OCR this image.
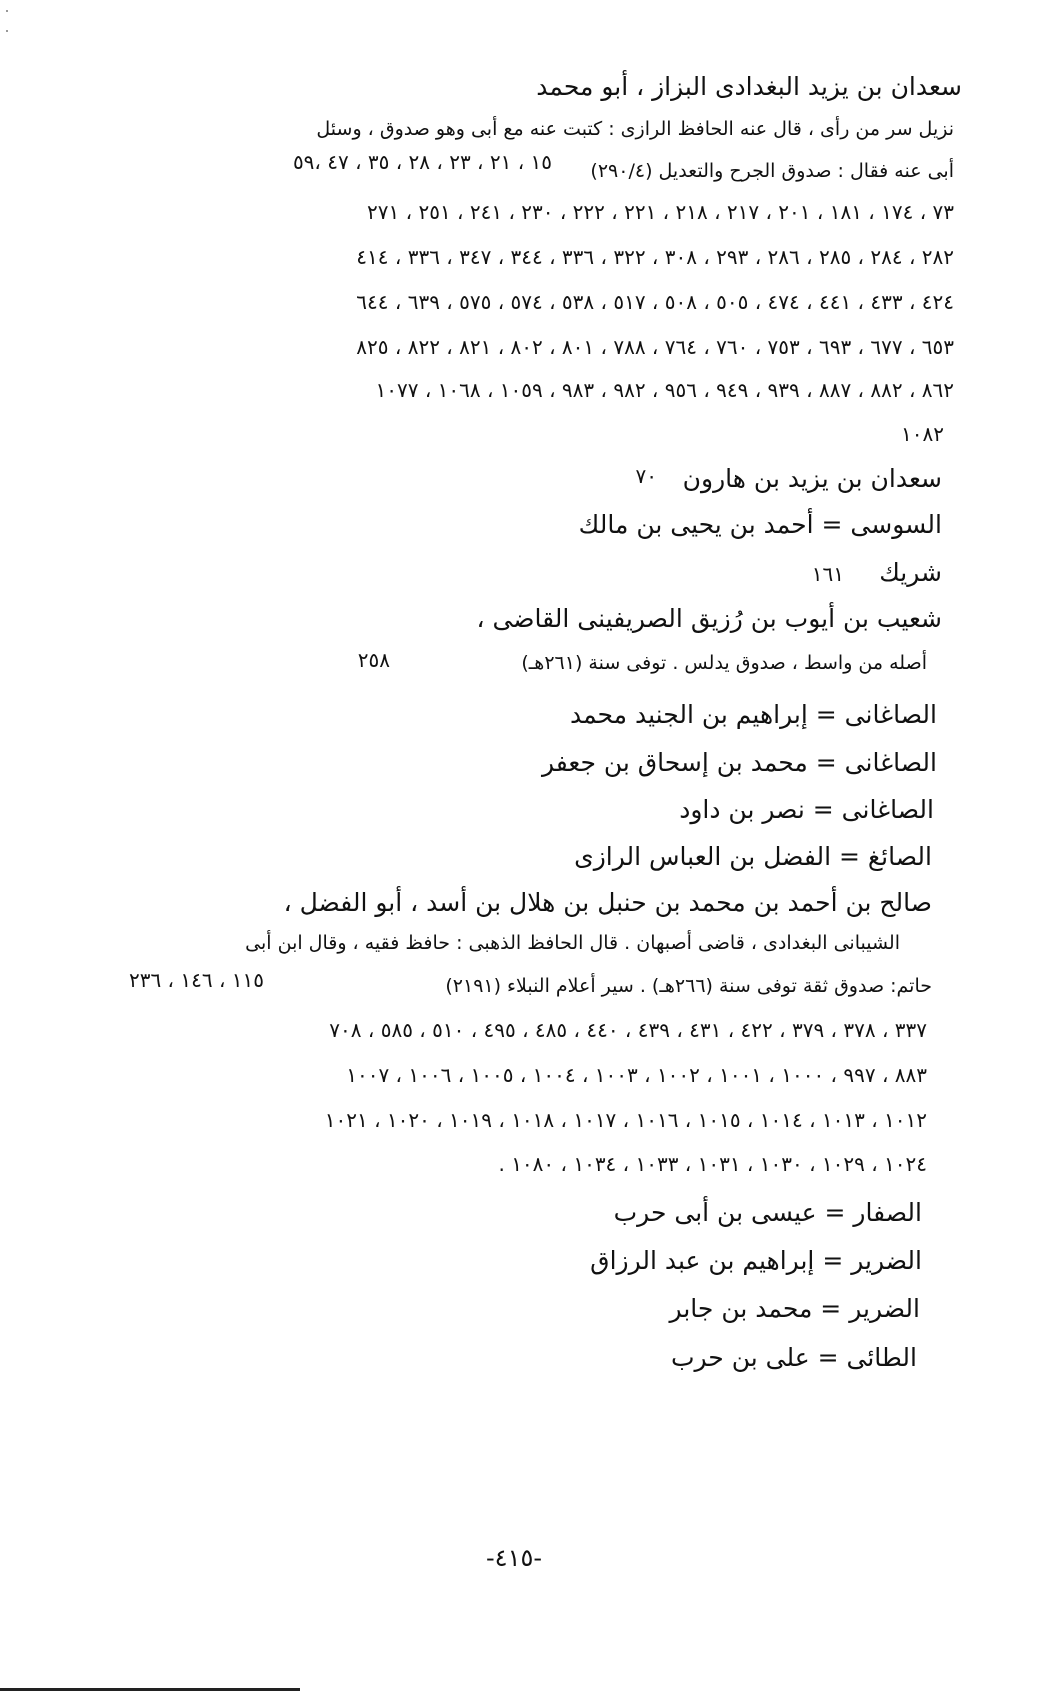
سعدان بن يزيد البغدادى البزاز ، أبو محمد
نزيل سر من رأى ، قال عنه الحافظ الرازى : كتبت عنه مع أبى وهو صدوق ، وسئل
أبى عنه فقال : صدوق الجرح والتعديل (٢٩٠/٤)
١٥ ، ٢١ ، ٢٣ ، ٢٨ ، ٣٥ ، ٤٧ ،٥٩
٧٣ ، ١٧٤ ، ١٨١ ، ٢٠١ ، ٢١٧ ، ٢١٨ ، ٢٢١ ، ٢٢٢ ، ٢٣٠ ، ٢٤١ ، ٢٥١ ، ٢٧١
٢٨٢ ، ٢٨٤ ، ٢٨٥ ، ٢٨٦ ، ٢٩٣ ، ٣٠٨ ، ٣٢٢ ، ٣٣٦ ، ٣٤٤ ، ٣٤٧ ، ٣٣٦ ، ٤١٤
٤٢٤ ، ٤٣٣ ، ٤٤١ ، ٤٧٤ ، ٥٠٥ ، ٥٠٨ ، ٥١٧ ، ٥٣٨ ، ٥٧٤ ، ٥٧٥ ، ٦٣٩ ، ٦٤٤
٦٥٣ ، ٦٧٧ ، ٦٩٣ ، ٧٥٣ ، ٧٦٠ ، ٧٦٤ ، ٧٨٨ ، ٨٠١ ، ٨٠٢ ، ٨٢١ ، ٨٢٢ ، ٨٢٥
٨٦٢ ، ٨٨٢ ، ٨٨٧ ، ٩٣٩ ، ٩٤٩ ، ٩٥٦ ، ٩٨٢ ، ٩٨٣ ، ١٠٥٩ ، ١٠٦٨ ، ١٠٧٧
١٠٨٢
سعدان بن يزيد بن هارون
٧٠
السوسى = أحمد بن يحيى بن مالك
شريك
١٦١
شعيب بن أيوب بن رُزيق الصريفينى القاضى ،
أصله من واسط ، صدوق يدلس . توفى سنة (٢٦١هـ)
٢٥٨
الصاغانى = إبراهيم بن الجنيد محمد
الصاغانى = محمد بن إسحاق بن جعفر
الصاغانى = نصر بن داود
الصائغ = الفضل بن العباس الرازى
صالح بن أحمد بن محمد بن حنبل بن هلال بن أسد ، أبو الفضل ،
الشيبانى البغدادى ، قاضى أصبهان . قال الحافظ الذهبى : حافظ فقيه ، وقال ابن أبى
حاتم: صدوق ثقة توفى سنة (٢٦٦هـ) . سير أعلام النبلاء (٢١٩١)
١١٥ ، ١٤٦ ، ٢٣٦
٣٣٧ ، ٣٧٨ ، ٣٧٩ ، ٤٢٢ ، ٤٣١ ، ٤٣٩ ، ٤٤٠ ، ٤٨٥ ، ٤٩٥ ، ٥١٠ ، ٥٨٥ ، ٧٠٨
٨٨٣ ، ٩٩٧ ، ١٠٠٠ ، ١٠٠١ ، ١٠٠٢ ، ١٠٠٣ ، ١٠٠٤ ، ١٠٠٥ ، ١٠٠٦ ، ١٠٠٧
١٠١٢ ، ١٠١٣ ، ١٠١٤ ، ١٠١٥ ، ١٠١٦ ، ١٠١٧ ، ١٠١٨ ، ١٠١٩ ، ١٠٢٠ ، ١٠٢١
١٠٢٤ ، ١٠٢٩ ، ١٠٣٠ ، ١٠٣١ ، ١٠٣٣ ، ١٠٣٤ ، ١٠٨٠ .
الصفار = عيسى بن أبى حرب
الضرير = إبراهيم بن عبد الرزاق
الضرير = محمد بن جابر
الطائى = على بن حرب
-٤١٥-
